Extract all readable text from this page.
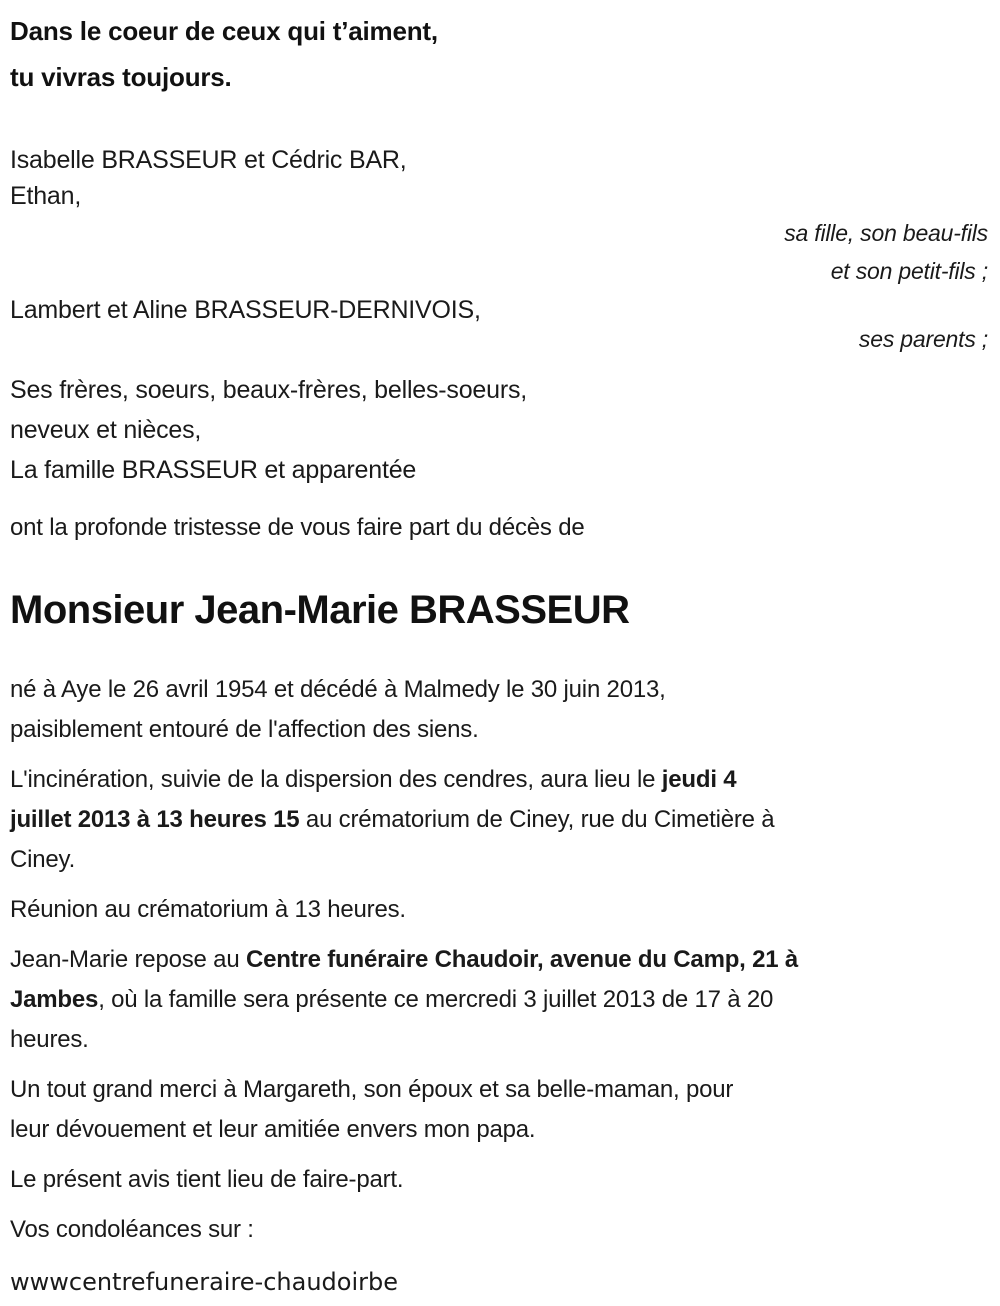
Dans le coeur de ceux qui t’aiment,
tu vivras toujours.
Isabelle BRASSEUR et Cédric BAR,
Ethan,
sa fille, son beau-fils
et son petit-fils ;
Lambert et Aline BRASSEUR-DERNIVOIS,
ses parents ;
Ses frères, soeurs, beaux-frères, belles-soeurs,
neveux et nièces,
La famille BRASSEUR et apparentée
ont la profonde tristesse de vous faire part du décès de
Monsieur Jean-Marie BRASSEUR
né à Aye le 26 avril 1954 et décédé à Malmedy le 30 juin 2013,
paisiblement entouré de l'affection des siens.
L'incinération, suivie de la dispersion des cendres, aura lieu le jeudi 4
juillet 2013 à 13 heures 15 au crématorium de Ciney, rue du Cimetière à
Ciney.
Réunion au crématorium à 13 heures.
Jean-Marie repose au Centre funéraire Chaudoir, avenue du Camp, 21 à
Jambes, où la famille sera présente ce mercredi 3 juillet 2013 de 17 à 20
heures.
Un tout grand merci à Margareth, son époux et sa belle-maman, pour
leur dévouement et leur amitiée envers mon papa.
Le présent avis tient lieu de faire-part.
Vos condoléances sur :
wwwcentrefuneraire-chaudoirbe
